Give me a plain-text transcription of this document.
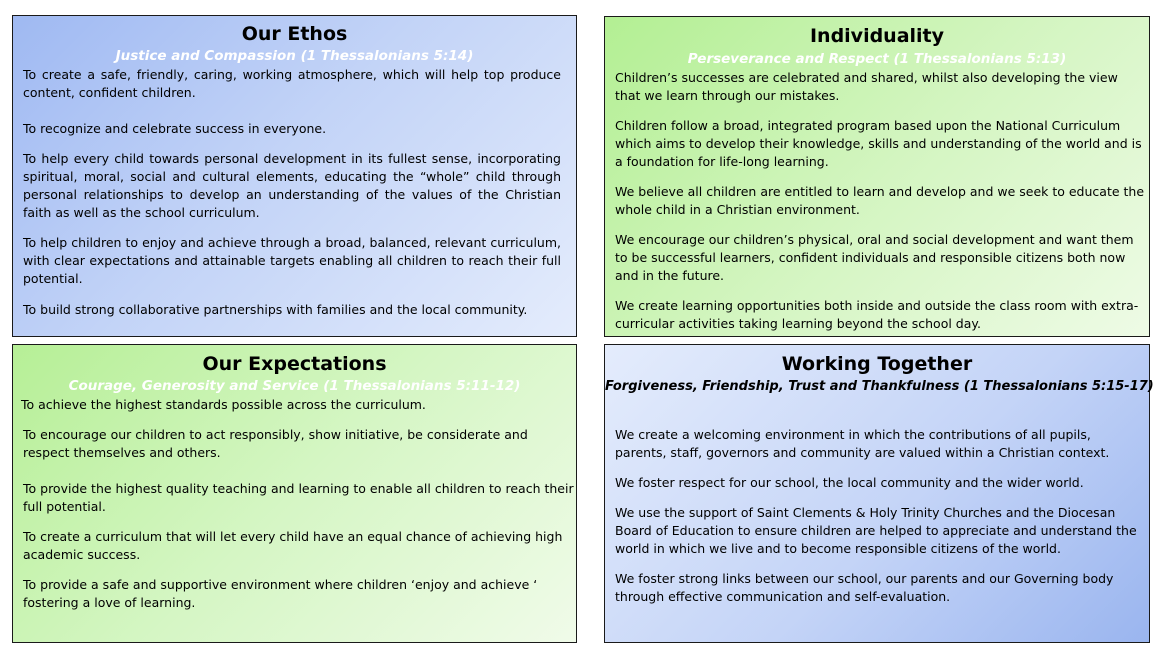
Our Ethos
Justice and Compassion (1 Thessalonians 5:14)
To create a safe, friendly, caring, working atmosphere, which will help top produce content, confident children.
To recognize and celebrate success in everyone.
To help every child towards personal development in its fullest sense, incorporating spiritual, moral, social and cultural elements, educating the “whole” child through personal relationships to develop an understanding of the values of the Christian faith as well as the school curriculum.
To help children to enjoy and achieve through a broad, balanced, relevant curriculum, with clear expectations and attainable targets enabling all children to reach their full potential.
To build strong collaborative partnerships with families and the local community.
Individuality
Perseverance and Respect (1 Thessalonians 5:13)
Children’s successes are celebrated and shared, whilst also developing the view that we learn through our mistakes.
Children follow a broad, integrated program based upon the National Curriculum which aims to develop their knowledge, skills and understanding of the world and is a foundation for life-long learning.
We believe all children are entitled to learn and develop and we seek to educate the whole child in a Christian environment.
We encourage our children’s physical, oral and social development and want them to be successful learners, confident individuals and responsible citizens both now and in the future.
We create learning opportunities both inside and outside the class room with extra-curricular activities taking learning beyond the school day.
Our Expectations
Courage, Generosity and Service (1 Thessalonians 5:11-12)
To achieve the highest standards possible across the curriculum.
To encourage our children to act responsibly, show initiative, be considerate and respect themselves and others.
To provide the highest quality teaching and learning to enable all children to reach their full potential.
To create a curriculum that will let every child have an equal chance of achieving high academic success.
To provide a safe and supportive environment where children ‘enjoy and achieve ‘ fostering a love of learning.
Working Together
Forgiveness, Friendship, Trust and Thankfulness (1 Thessalonians 5:15-17)
We create a welcoming environment in which the contributions of all pupils, parents, staff, governors and community are valued within a Christian context.
We foster respect for our school, the local community and the wider world.
We use the support of Saint Clements & Holy Trinity Churches and the Diocesan Board of Education to ensure children are helped to appreciate and understand the world in which we live and to become responsible citizens of the world.
We foster strong links between our school, our parents and our Governing body through effective communication and self-evaluation.
